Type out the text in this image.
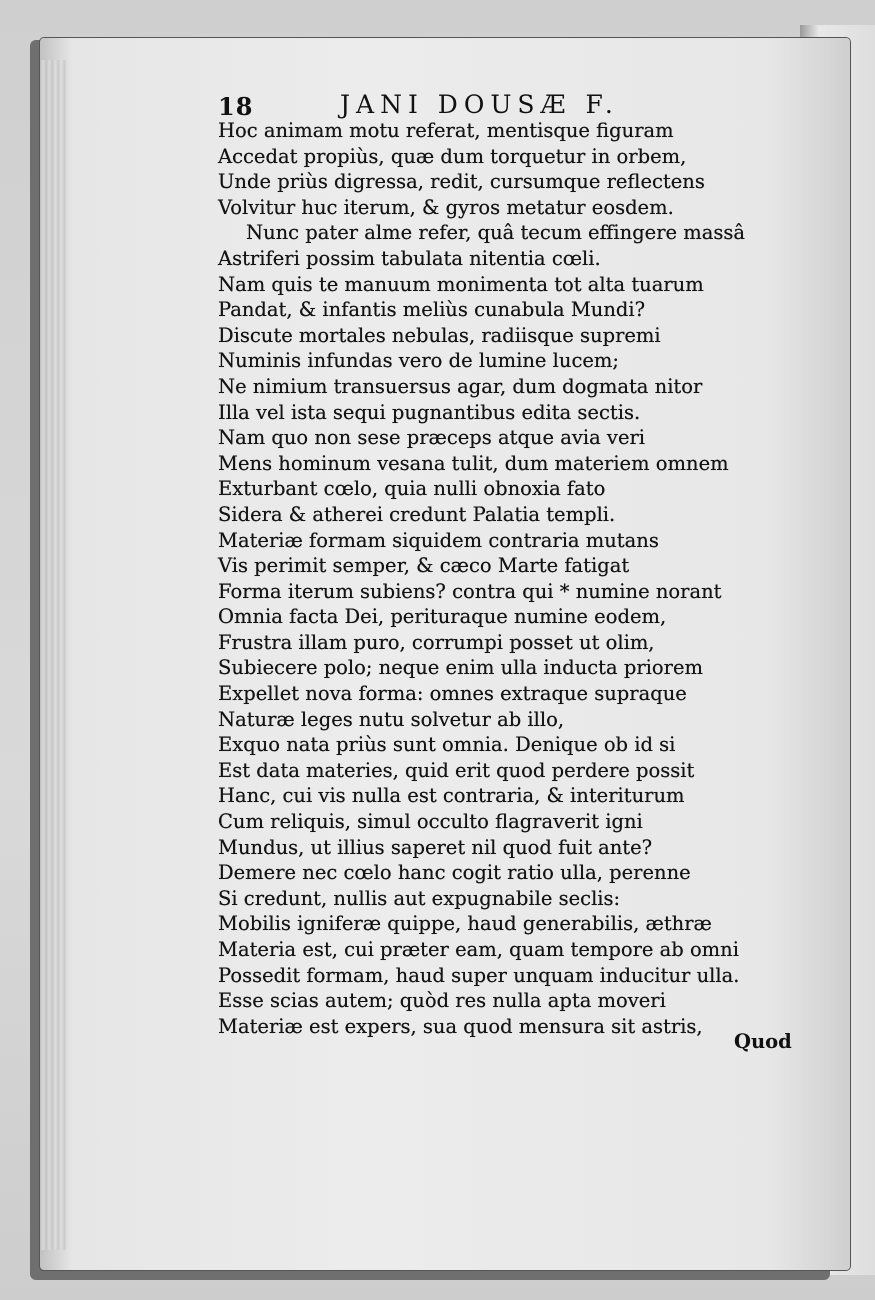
18	JANI DOUSÆ F.
Hoc animam motu referat, mentisque figuram
Accedat propiùs, quæ dum torquetur in orbem,
Unde priùs digressa, redit, cursumque reflectens
Volvitur huc iterum, & gyros metatur eosdem.
Nunc pater alme refer, quâ tecum effingere massâ
Astriferi possim tabulata nitentia cœli.
Nam quis te manuum monimenta tot alta tuarum
Pandat, & infantis meliùs cunabula Mundi?
Discute mortales nebulas, radiisque supremi
Numinis infundas vero de lumine lucem;
Ne nimium transuersus agar, dum dogmata nitor
Illa vel ista sequi pugnantibus edita sectis.
Nam quo non sese præceps atque avia veri
Mens hominum vesana tulit, dum materiem omnem
Exturbant cœlo, quia nulli obnoxia fato
Sidera & atherei credunt Palatia templi.
Materiæ formam siquidem contraria mutans
Vis perimit semper, & cæco Marte fatigat
Forma iterum subiens? contra qui * numine norant
Omnia facta Dei, perituraque numine eodem,
Frustra illam puro, corrumpi posset ut olim,
Subiecere polo; neque enim ulla inducta priorem
Expellet nova forma: omnes extraque supraque
Naturæ leges nutu solvetur ab illo,
Exquo nata priùs sunt omnia. Denique ob id si
Est data materies, quid erit quod perdere possit
Hanc, cui vis nulla est contraria, & interiturum
Cum reliquis, simul occulto flagraverit igni
Mundus, ut illius saperet nil quod fuit ante?
Demere nec cœlo hanc cogit ratio ulla, perenne
Si credunt, nullis aut expugnabile seclis:
Mobilis igniferæ quippe, haud generabilis, æthræ
Materia est, cui præter eam, quam tempore ab omni
Possedit formam, haud super unquam inducitur ulla.
Esse scias autem; quòd res nulla apta moveri
Materiæ est expers, sua quod mensura sit astris,
Quod
